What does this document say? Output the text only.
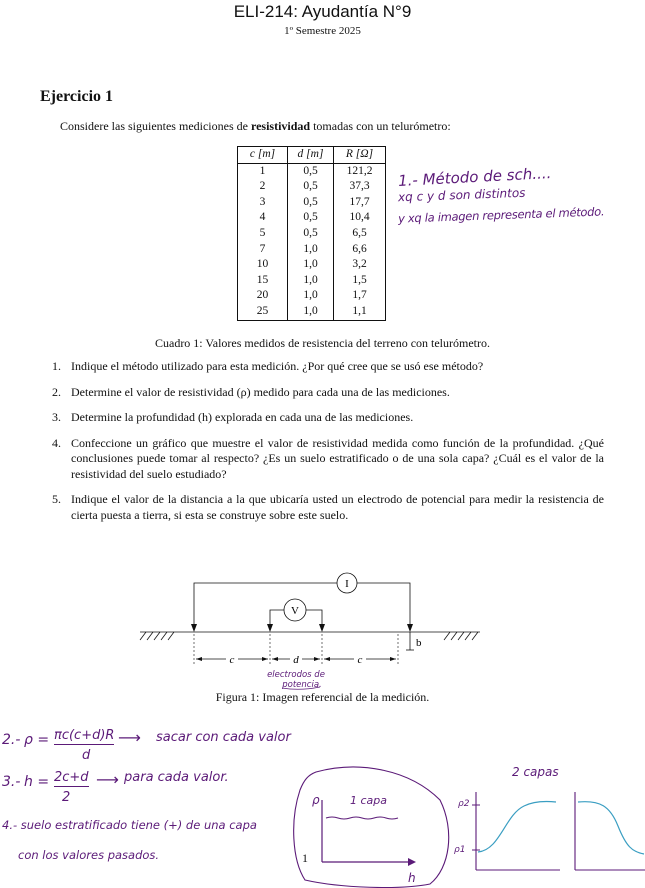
ELI-214: Ayudantía N°9
1º Semestre 2025
Ejercicio 1
Considere las siguientes mediciones de resistividad tomadas con un telurómetro:
c [m]	d [m]	R [Ω]
1	0,5	121,2
2	0,5	37,3
3	0,5	17,7
4	0,5	10,4
5	0,5	6,5
7	1,0	6,6
10	1,0	3,2
15	1,0	1,5
20	1,0	1,7
25	1,0	1,1
Cuadro 1: Valores medidos de resistencia del terreno con telurómetro.
1. Indique el método utilizado para esta medición. ¿Por qué cree que se usó ese método?
2. Determine el valor de resistividad (ρ) medido para cada una de las mediciones.
3. Determine la profundidad (h) explorada en cada una de las mediciones.
4. Confeccione un gráfico que muestre el valor de resistividad medida como función de la profundidad. ¿Qué conclusiones puede tomar al respecto? ¿Es un suelo estratificado o de una sola capa? ¿Cuál es el valor de la resistividad del suelo estudiado?
5. Indique el valor de la distancia a la que ubicaría usted un electrodo de potencial para medir la resistencia de cierta puesta a tierra, si esta se construye sobre este suelo.
I
V
b
c	d	c
electrodos de
potencia.
Figura 1: Imagen referencial de la medición.
1.- Método de sch....
xq c y d son distintos
y xq la imagen representa el método.
2.- ρ = πc(c+d)R
d
⟶ sacar con cada valor
3.- h = 2c+d
2
⟶ para cada valor.
4.- suelo estratificado tiene (+) de una capa
con los valores pasados.
ρ
h
1 capa
1
2 capas
ρ2
ρ1
